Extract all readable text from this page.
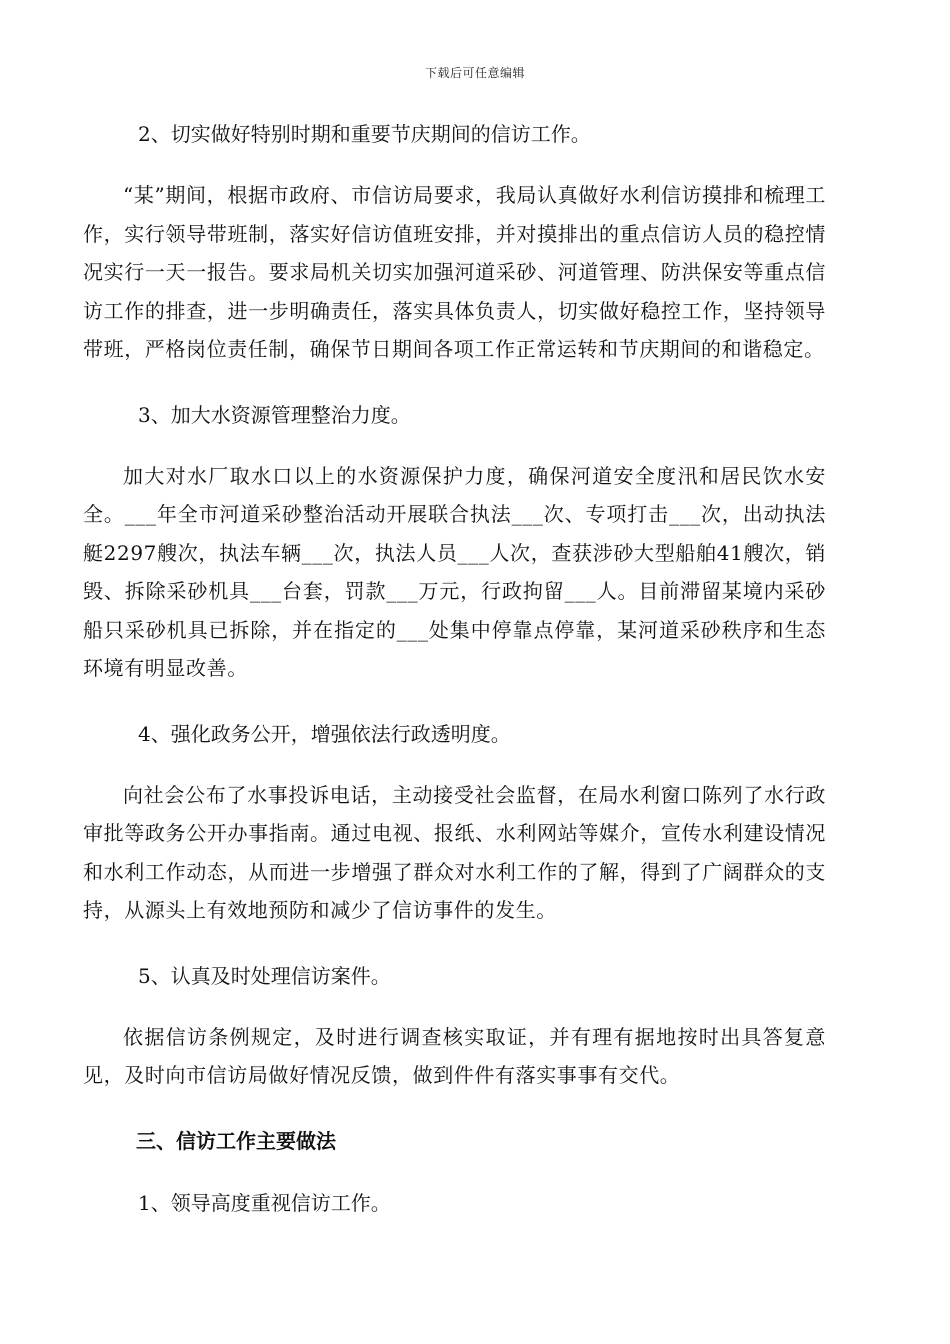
下载后可任意编辑

2、切实做好特别时期和重要节庆期间的信访工作。

“某”期间，根据市政府、市信访局要求，我局认真做好水利信访摸排和梳理工作，实行领导带班制，落实好信访值班安排，并对摸排出的重点信访人员的稳控情况实行一天一报告。要求局机关切实加强河道采砂、河道管理、防洪保安等重点信访工作的排查，进一步明确责任，落实具体负责人，切实做好稳控工作，坚持领导带班，严格岗位责任制，确保节日期间各项工作正常运转和节庆期间的和谐稳定。

3、加大水资源管理整治力度。

加大对水厂取水口以上的水资源保护力度，确保河道安全度汛和居民饮水安全。___年全市河道采砂整治活动开展联合执法___次、专项打击___次，出动执法艇2297艘次，执法车辆___次，执法人员___人次，查获涉砂大型船舶41艘次，销毁、拆除采砂机具___台套，罚款___万元，行政拘留___人。目前滞留某境内采砂船只采砂机具已拆除，并在指定的___处集中停靠点停靠，某河道采砂秩序和生态环境有明显改善。

4、强化政务公开，增强依法行政透明度。

向社会公布了水事投诉电话，主动接受社会监督，在局水利窗口陈列了水行政审批等政务公开办事指南。通过电视、报纸、水利网站等媒介，宣传水利建设情况和水利工作动态，从而进一步增强了群众对水利工作的了解，得到了广阔群众的支持，从源头上有效地预防和减少了信访事件的发生。

5、认真及时处理信访案件。

依据信访条例规定，及时进行调查核实取证，并有理有据地按时出具答复意见，及时向市信访局做好情况反馈，做到件件有落实事事有交代。

三、信访工作主要做法

1、领导高度重视信访工作。
